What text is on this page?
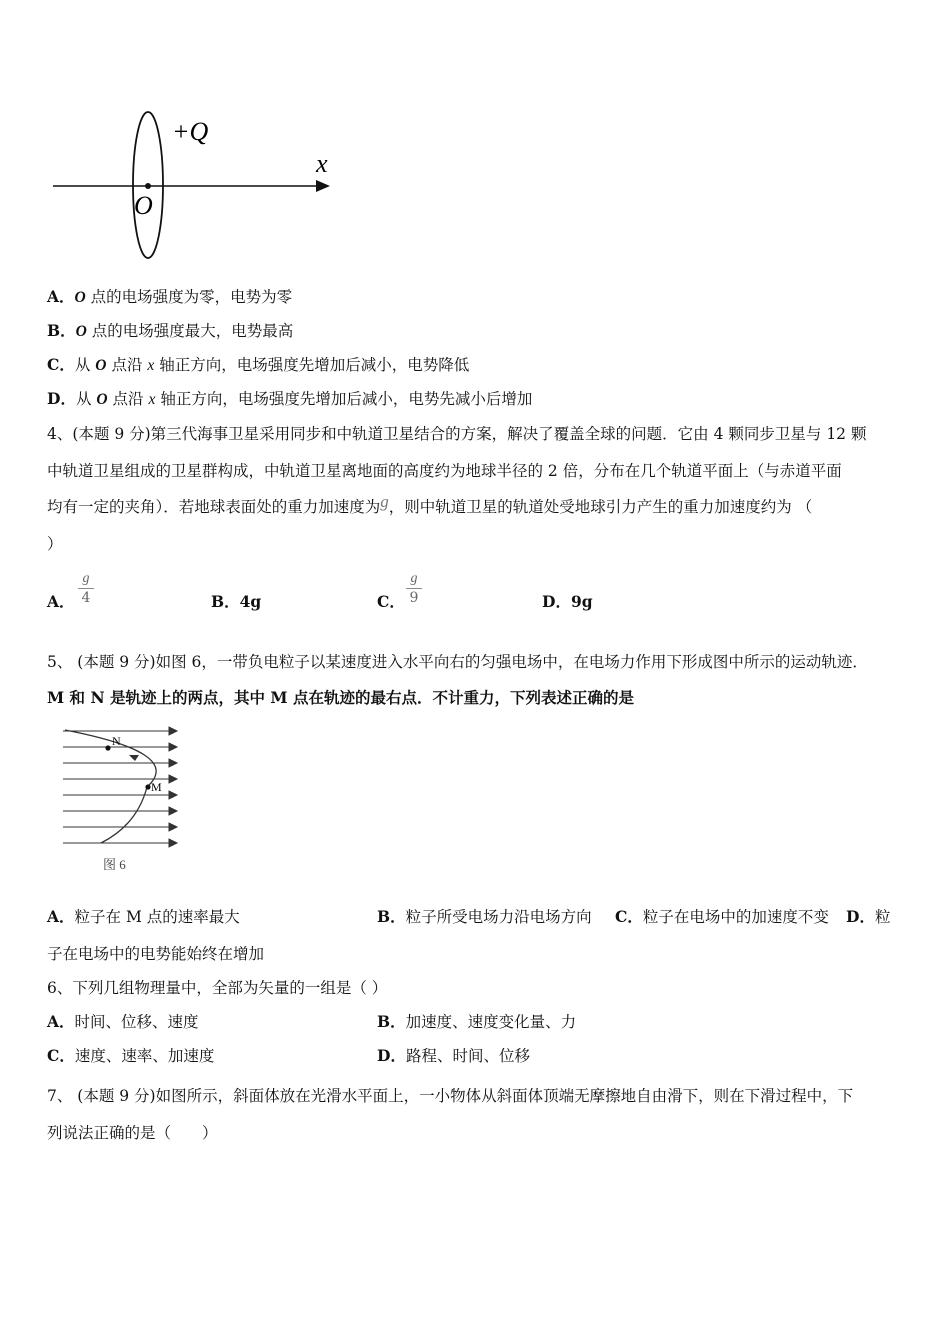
+Q
x
O
A．O 点的电场强度为零，电势为零
B．O 点的电场强度最大，电势最高
C．从 O 点沿 x 轴正方向，电场强度先增加后减小，电势降低
D．从 O 点沿 x 轴正方向，电场强度先增加后减小，电势先减小后增加
4、(本题 9 分)第三代海事卫星采用同步和中轨道卫星结合的方案，解决了覆盖全球的问题．它由 4 颗同步卫星与 12 颗
中轨道卫星组成的卫星群构成，中轨道卫星离地面的高度约为地球半径的 2 倍，分布在几个轨道平面上（与赤道平面
均有一定的夹角）．若地球表面处的重力加速度为g，则中轨道卫星的轨道处受地球引力产生的重力加速度约为 （
）
A．
g
4	B．4g	C．
g
9	D．9g
5、 (本题 9 分)如图 6，一带负电粒子以某速度进入水平向右的匀强电场中，在电场力作用下形成图中所示的运动轨迹．
M 和 N 是轨迹上的两点，其中 M 点在轨迹的最右点．不计重力，下列表述正确的是
N
M
图 6
A．粒子在 M 点的速率最大	B．粒子所受电场力沿电场方向 C．粒子在电场中的加速度不变 D．粒
子在电场中的电势能始终在增加
6、下列几组物理量中，全部为矢量的一组是（ ）
A．时间、位移、速度	B．加速度、速度变化量、力
C．速度、速率、加速度	D．路程、时间、位移
7、 (本题 9 分)如图所示，斜面体放在光滑水平面上，一小物体从斜面体顶端无摩擦地自由滑下，则在下滑过程中，下
列说法正确的是（　　）
